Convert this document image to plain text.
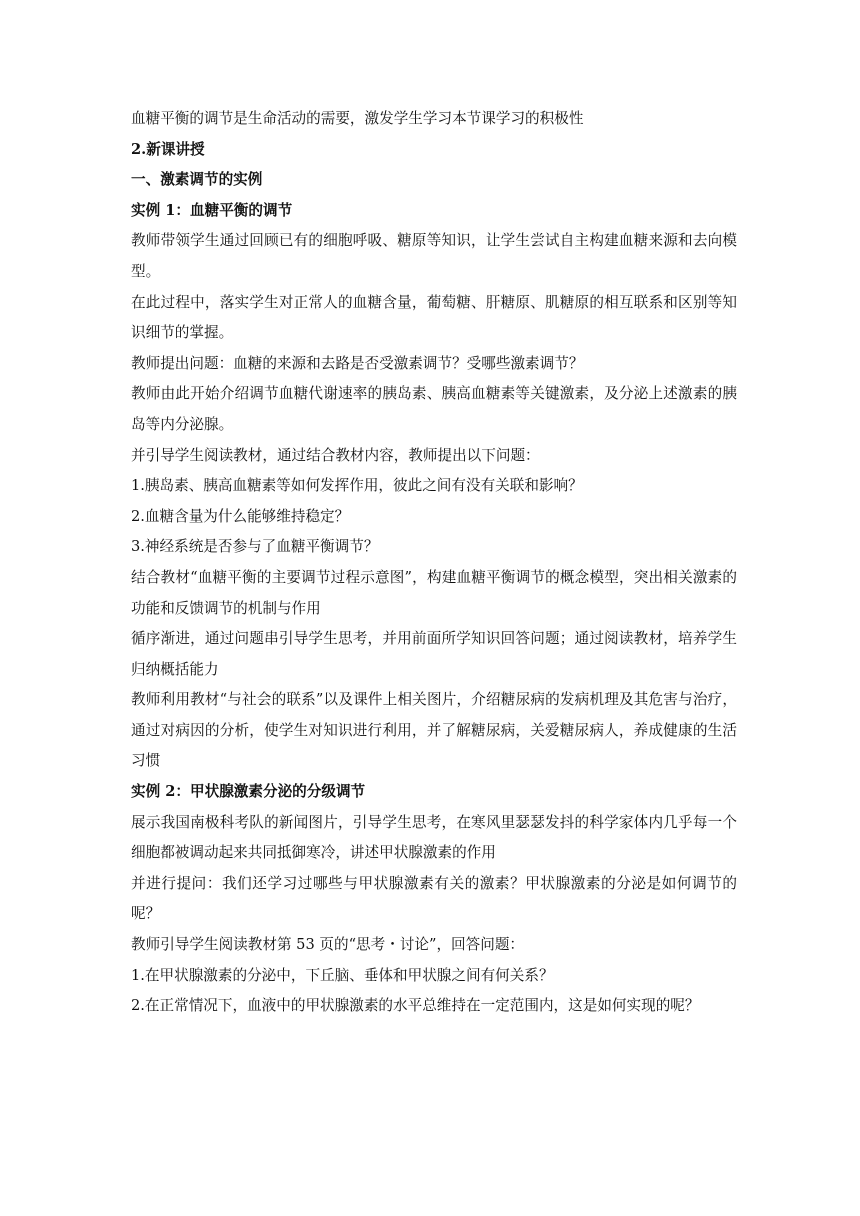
血糖平衡的调节是生命活动的需要，激发学生学习本节课学习的积极性

2.新课讲授

一、激素调节的实例

实例 1：血糖平衡的调节

教师带领学生通过回顾已有的细胞呼吸、糖原等知识，让学生尝试自主构建血糖来源和去向模型。

在此过程中，落实学生对正常人的血糖含量，葡萄糖、肝糖原、肌糖原的相互联系和区别等知识细节的掌握。

教师提出问题：血糖的来源和去路是否受激素调节？受哪些激素调节？

教师由此开始介绍调节血糖代谢速率的胰岛素、胰高血糖素等关键激素，及分泌上述激素的胰岛等内分泌腺。

并引导学生阅读教材，通过结合教材内容，教师提出以下问题：

1.胰岛素、胰高血糖素等如何发挥作用，彼此之间有没有关联和影响？

2.血糖含量为什么能够维持稳定？

3.神经系统是否参与了血糖平衡调节？

结合教材“血糖平衡的主要调节过程示意图”，构建血糖平衡调节的概念模型，突出相关激素的功能和反馈调节的机制与作用

循序渐进，通过问题串引导学生思考，并用前面所学知识回答问题；通过阅读教材，培养学生归纳概括能力

教师利用教材“与社会的联系”以及课件上相关图片，介绍糖尿病的发病机理及其危害与治疗，通过对病因的分析，使学生对知识进行利用，并了解糖尿病，关爱糖尿病人，养成健康的生活习惯

实例 2：甲状腺激素分泌的分级调节

展示我国南极科考队的新闻图片，引导学生思考，在寒风里瑟瑟发抖的科学家体内几乎每一个细胞都被调动起来共同抵御寒冷，讲述甲状腺激素的作用

并进行提问：我们还学习过哪些与甲状腺激素有关的激素？甲状腺激素的分泌是如何调节的呢？

教师引导学生阅读教材第 53 页的“思考・讨论”，回答问题：

1.在甲状腺激素的分泌中，下丘脑、垂体和甲状腺之间有何关系？

2.在正常情况下，血液中的甲状腺激素的水平总维持在一定范围内，这是如何实现的呢？
